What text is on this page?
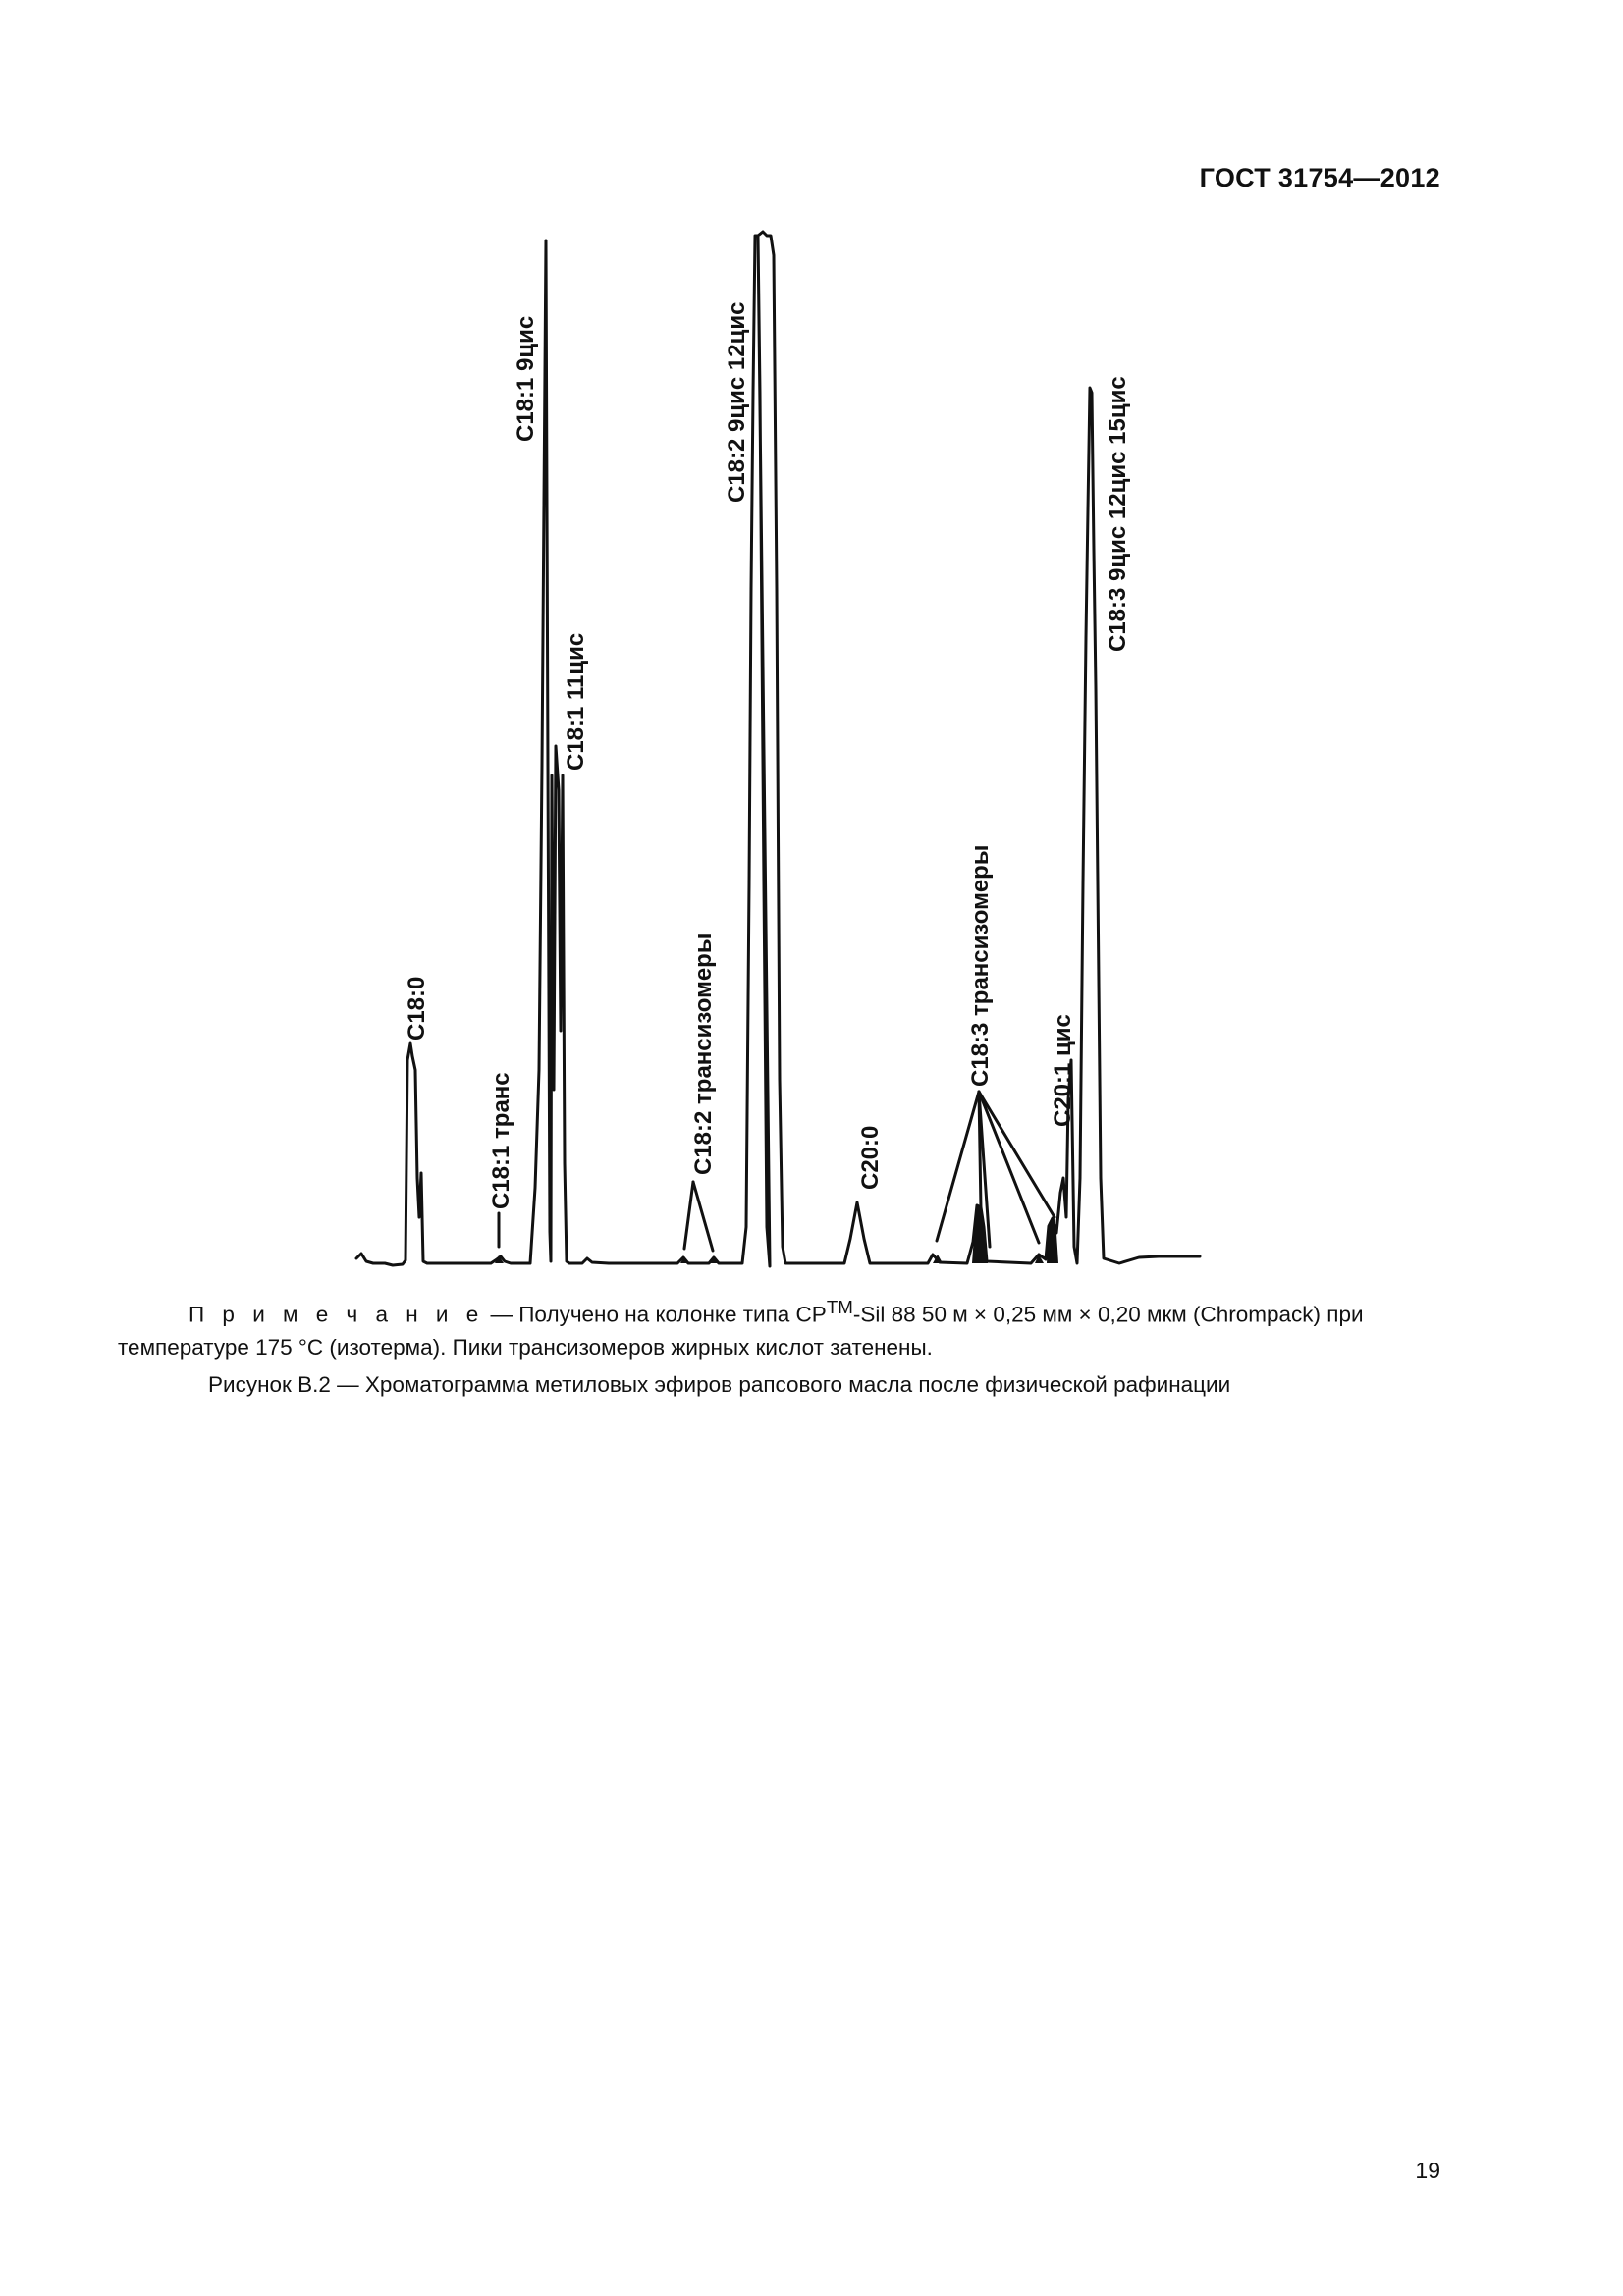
ГОСТ 31754—2012
C18:0
C18:1 транс
C18:1 9цис
C18:1 11цис
C18:2 трансизомеры
C18:2 9цис 12цис
C20:0
C18:3 трансизомеры C20:1 цис
C18:3 9цис 12цис 15цис
П р и м е ч а н и е — Получено на колонке типа CP™-Sil 88 50 м × 0,25 мм × 0,20 мкм (Chrompack) при температуре 175 °С (изотерма). Пики трансизомеров жирных кислот затенены.
Рисунок В.2 — Хроматограмма метиловых эфиров рапсового масла после физической рафинации
19
